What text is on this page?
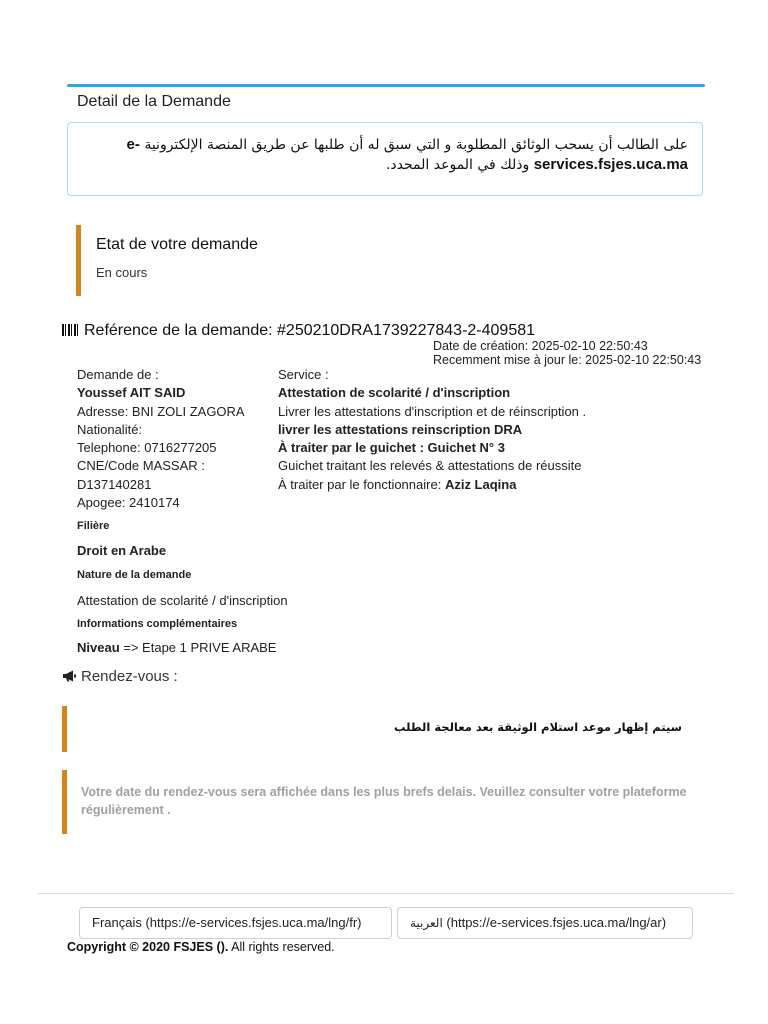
Detail de la Demande
على الطالب أن يسحب الوثائق المطلوبة و التي سبق له أن طلبها عن طريق المنصة الإلكترونية e-services.fsjes.uca.ma وذلك في الموعد المحدد.
Etat de votre demande
En cours
Reférence de la demande: #250210DRA1739227843-2-409581
Date de création: 2025-02-10 22:50:43
Recemment mise à jour le: 2025-02-10 22:50:43
Demande de :
Youssef AIT SAID
Adresse: BNI ZOLI ZAGORA
Nationalité:
Telephone: 0716277205
CNE/Code MASSAR :
D137140281
Apogee: 2410174
Service :
Attestation de scolarité / d'inscription
Livrer les attestations d'inscription et de réinscription .
livrer les attestations reinscription DRA
À traiter par le guichet : Guichet N° 3
Guichet traitant les relevés & attestations de réussite
À traiter par le fonctionnaire: Aziz Laqina
Filière
Droit en Arabe
Nature de la demande
Attestation de scolarité / d'inscription
Informations complémentaires
Niveau => Etape 1 PRIVE ARABE
Rendez-vous :
سيتم إظهار موعد استلام الوثيقة بعد معالجة الطلب
Votre date du rendez-vous sera affichée dans les plus brefs delais. Veuillez consulter votre plateforme régulièrement .
Français (https://e-services.fsjes.uca.ma/lng/fr)	العربية (https://e-services.fsjes.uca.ma/lng/ar)
Copyright © 2020 FSJES (). All rights reserved.
